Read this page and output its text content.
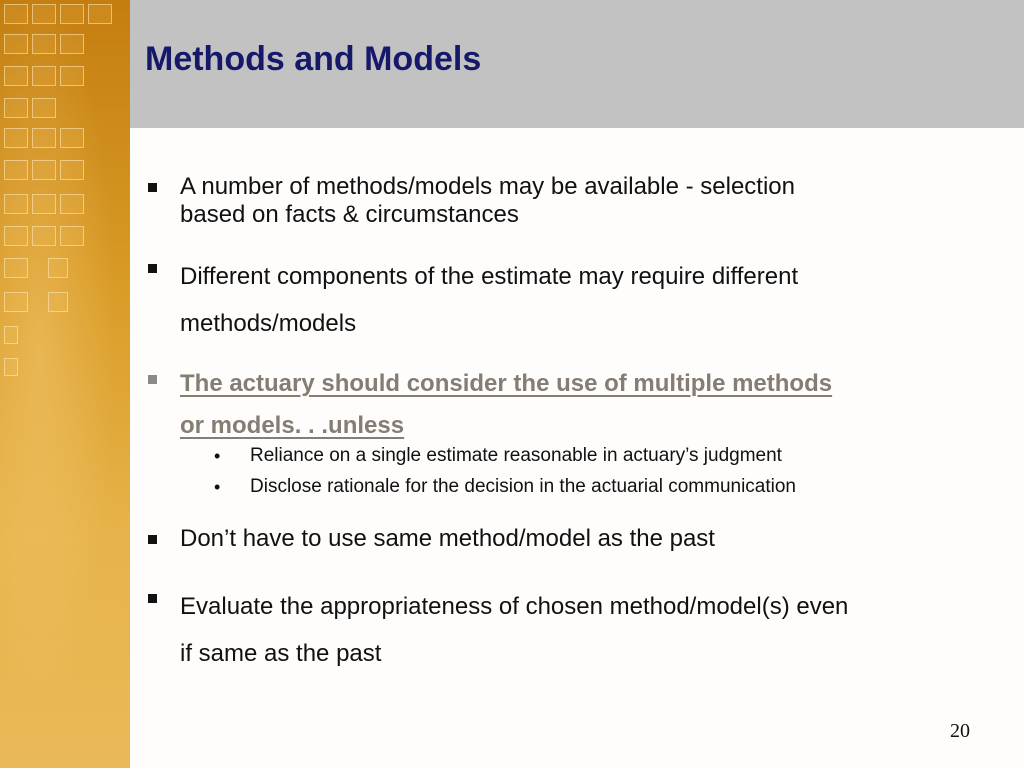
Methods and Models
A number of methods/models may be available - selection
based on facts & circumstances
Different components of the estimate may require different
methods/models
The actuary should consider the use of multiple methods
or models. . .unless
• Reliance on a single estimate reasonable in actuary’s judgment
• Disclose rationale for the decision in the actuarial communication
Don’t have to use same method/model as the past
Evaluate the appropriateness of chosen method/model(s) even
if same as the past
20
